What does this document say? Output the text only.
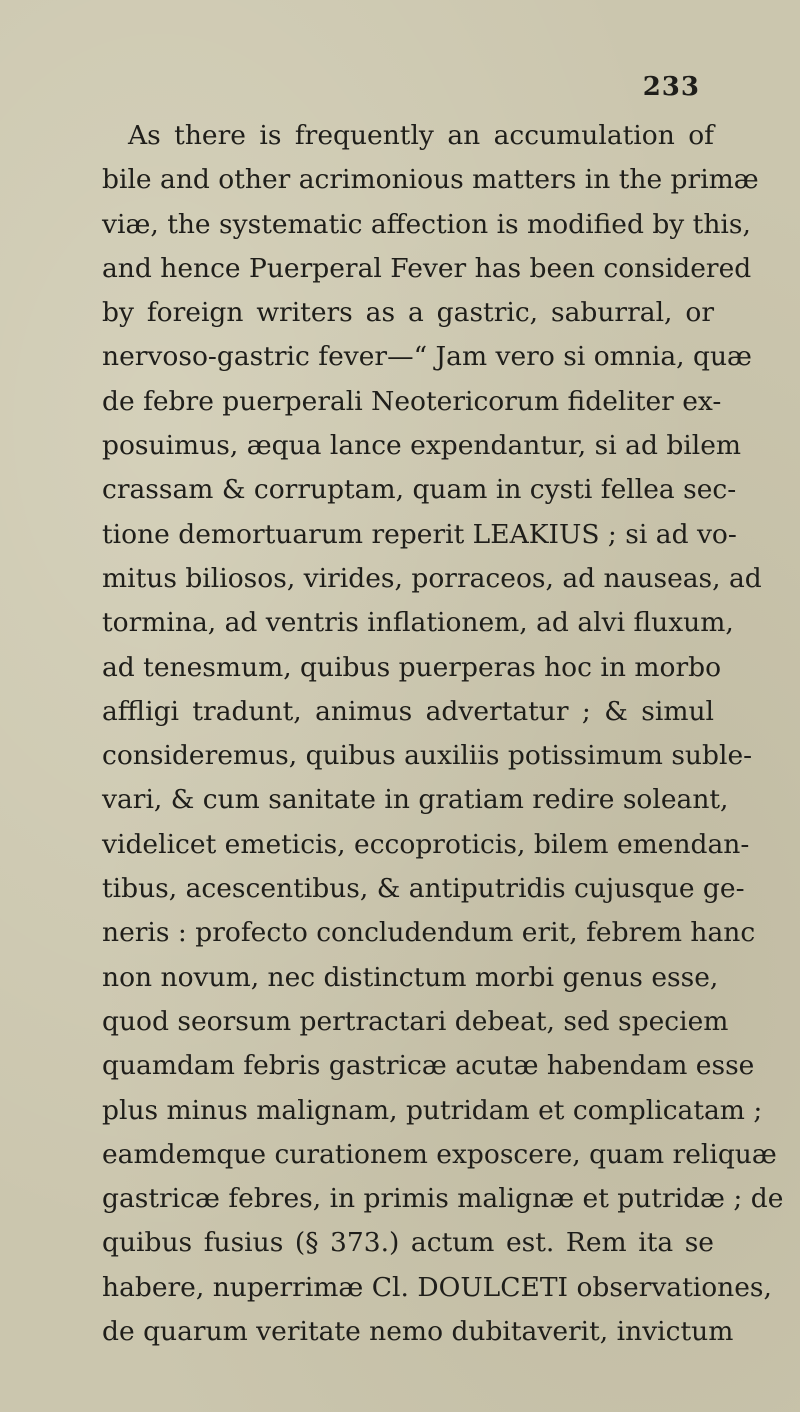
233
As there is frequently an accumulation of
bile and other acrimonious matters in the primæ
viæ, the systematic affection is modified by this,
and hence Puerperal Fever has been considered
by foreign writers as a gastric, saburral, or
nervoso-gastric fever—“ Jam vero si omnia, quæ
de febre puerperali Neotericorum fideliter ex-
posuimus, æqua lance expendantur, si ad bilem
crassam & corruptam, quam in cysti fellea sec-
tione demortuarum reperit LEAKIUS ; si ad vo-
mitus biliosos, virides, porraceos, ad nauseas, ad
tormina, ad ventris inflationem, ad alvi fluxum,
ad tenesmum, quibus puerperas hoc in morbo
affligi tradunt, animus advertatur ; & simul
consideremus, quibus auxiliis potissimum suble-
vari, & cum sanitate in gratiam redire soleant,
videlicet emeticis, eccoproticis, bilem emendan-
tibus, acescentibus, & antiputridis cujusque ge-
neris : profecto concludendum erit, febrem hanc
non novum, nec distinctum morbi genus esse,
quod seorsum pertractari debeat, sed speciem
quamdam febris gastricæ acutæ habendam esse
plus minus malignam, putridam et complicatam ;
eamdemque curationem exposcere, quam reliquæ
gastricæ febres, in primis malignæ et putridæ ; de
quibus fusius (§ 373.) actum est. Rem ita se
habere, nuperrimæ Cl. DOULCETI observationes,
de quarum veritate nemo dubitaverit, invictum
